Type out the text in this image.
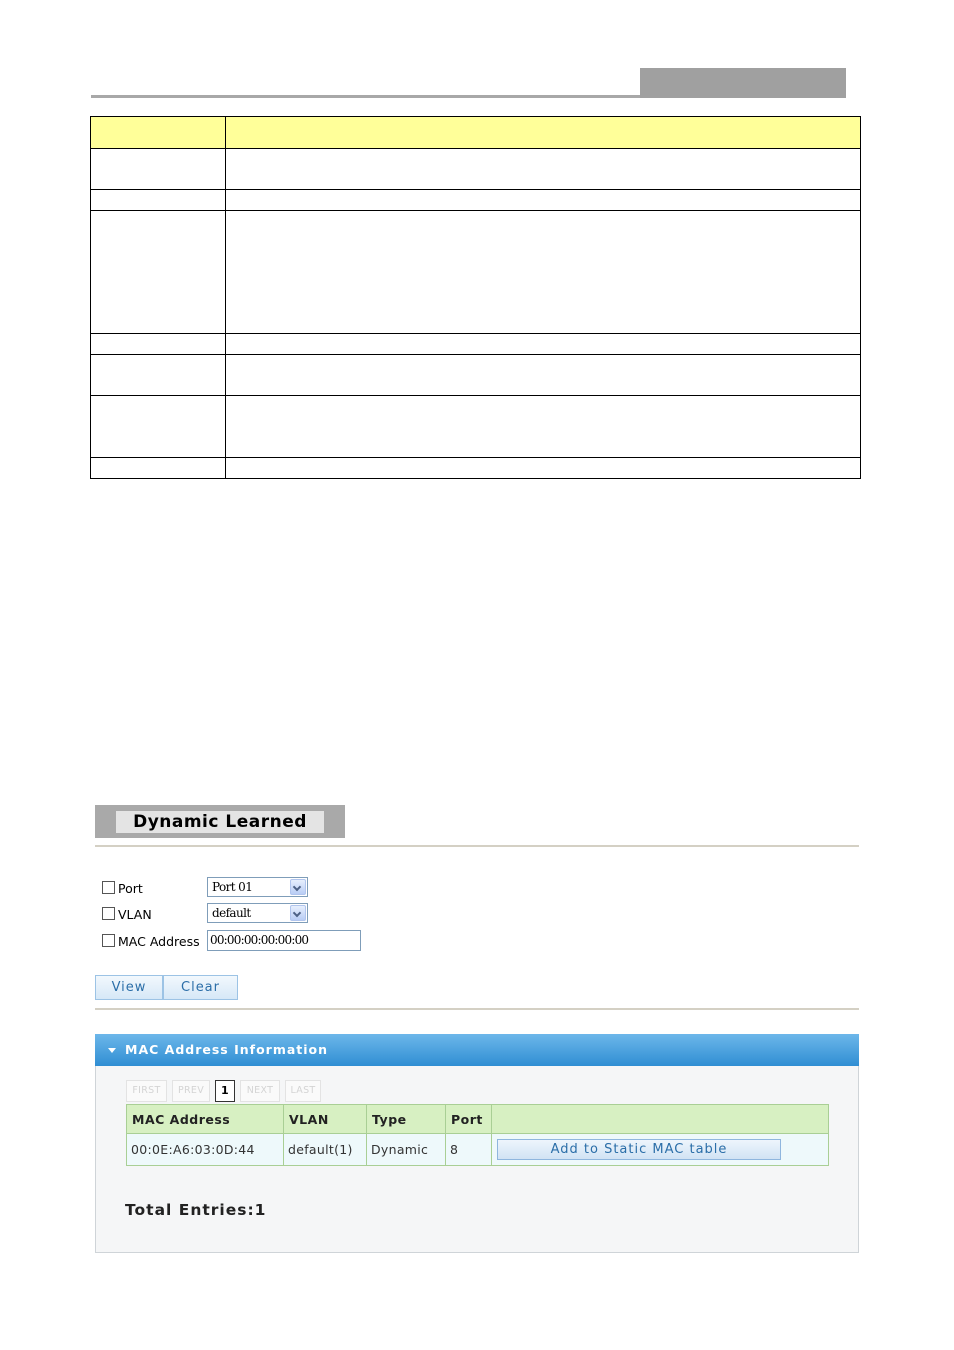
Dynamic Learned
Port	Port 01
VLAN	default
MAC Address 00:00:00:00:00:00
View	Clear
MAC Address Information
FIRST	PREV	1	NEXT	LAST
MAC Address	VLAN	Type	Port	
00:0E:A6:03:0D:44	default(1)	Dynamic	8	Add to Static MAC table
Total Entries:1
